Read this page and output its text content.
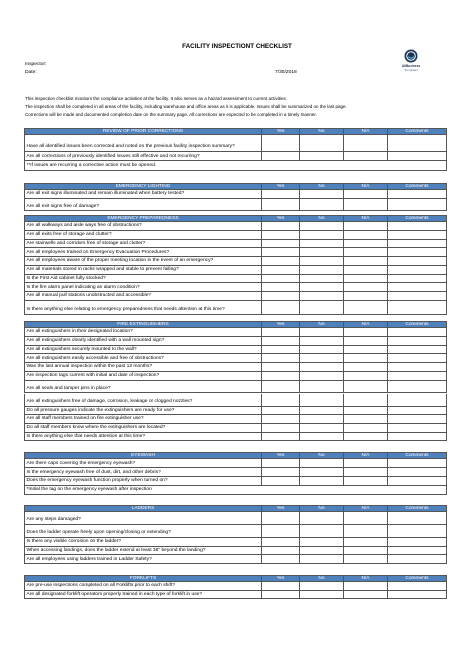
FACILITY INSPECTIONT CHECKLIST
AllBusiness
Templates
Inspector:
Date:	7/30/2018
This inspection checklist monitors the compliance activities at the facility. It also serves as a hazard assessment to current activities.
The inspection shall be completed in all areas of the facility, including warehouse and office areas as it is applicable. Issues shall be summarized on the last page.
Corrections will be made and documented completion date on the summary page. All corrections are expected to be completed in a timely manner.
REVIEW OF PRIOR CORRECTIONS	Yes	No	N/A	Comments
Have all identified issues been corrected and noted on the previous facility inspection summary?
Are all corrections of previously identified issues still effective and not recurring?
**If issues are recurring a corrective action must be opened.
EMERGENCY LIGHTING	Yes	No	N/A	Comments
Are all exit signs illuminated and remain illuminated when battery tested?
Are all exit signs free of damage?
EMERGENCY PREPAREDNESS	Yes	No	N/A	Comments
Are all walkways and aisle ways free of obstructions?
Are all exits free of storage and clutter?
Are stairwells and corridors free of storage and clutter?
Are all employees trained on Emergency Evacuation Procedures?
Are all employees aware of the proper meeting location in the event of an emergency?
Are all materials stored in racks wrapped and stable to prevent falling?
Is the First Aid cabinet fully stocked?
Is the fire alarm panel indicating an alarm condition?
Are all manual pull stations unobstructed and accessible?
Is there anything else relating to emergency preparedness that needs attention at this time?
FIRE EXTINGUISHERS	Yes	No	N/A	Comments
Are all extinguishers in their designated location?
Are all extinguishers clearly identified with a wall mounted sign?
Are all extinguishers securely mounted to the wall?
Are all extinguishers easily accessible and free of obstructions?
Was the last annual inspection within the past 12 months?
Are inspection tags current with initial and date of inspection?
Are all seals and tamper pins in place?
Are all extinguishers free of damage, corrosion, leakage or clogged nozzles?
Do all pressure gauges indicate the extinguishers are ready for use?
Are all staff members trained on fire extinguisher use?
Do all staff members know where the extinguishers are located?
Is there anything else that needs attention at this time?
EYEWASH	Yes	No	N/A	Comments
Are there caps covering the emergency eyewash?
Is the emergency eyewash free of dust, dirt, and other debris?
Does the emergency eyewash function properly when turned on?
*Initial the tag on the emergency eyewash after inspection
LADDERS	Yes	No	N/A	Comments
Are any steps damaged?
Does the ladder operate freely upon opening/closing or extending?
Is there any visible corrosion on the ladder?
When accessing landings, does the ladder extend at least 36" beyond the landing?
Are all employees using ladders trained in Ladder Safety?
FORKLIFTS	Yes	No	N/A	Comments
Are pre-use inspections completed on all Forklifts prior to each shift?
Are all designated forklift operators properly trained in each type of forklift in use?
